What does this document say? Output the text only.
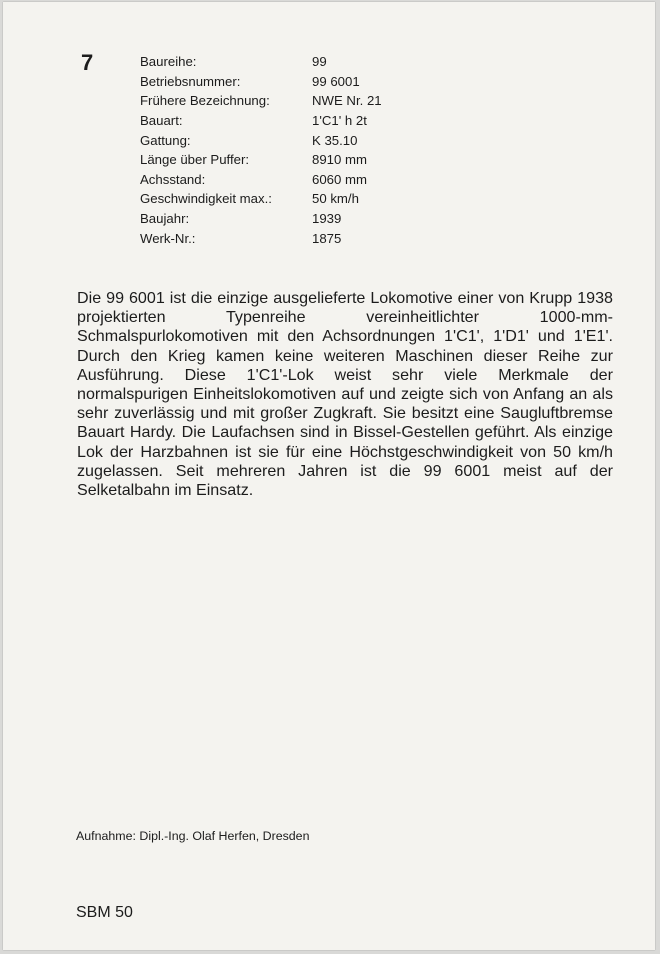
7	Baureihe:	99
Betriebsnummer:	99 6001
Frühere Bezeichnung:	NWE Nr. 21
Bauart:	1'C1' h 2t
Gattung:	K 35.10
Länge über Puffer:	8910 mm
Achsstand:	6060 mm
Geschwindigkeit max.:	50 km/h
Baujahr:	1939
Werk-Nr.:	1875

Die 99 6001 ist die einzige ausgelieferte Lokomotive einer von Krupp 1938 projektierten Typenreihe vereinheitlichter 1000-mm-Schmalspurlokomotiven mit den Achsordnungen 1'C1', 1'D1' und 1'E1'. Durch den Krieg kamen keine weiteren Maschinen dieser Reihe zur Ausführung. Diese 1'C1'-Lok weist sehr viele Merkmale der normalspurigen Einheitslokomotiven auf und zeigte sich von Anfang an als sehr zuverlässig und mit großer Zugkraft. Sie besitzt eine Saugluftbremse Bauart Hardy. Die Laufachsen sind in Bissel-Gestellen geführt. Als einzige Lok der Harzbahnen ist sie für eine Höchstgeschwindigkeit von 50 km/h zugelassen. Seit mehreren Jahren ist die 99 6001 meist auf der Selketalbahn im Einsatz.

Aufnahme: Dipl.-Ing. Olaf Herfen, Dresden
SBM 50
